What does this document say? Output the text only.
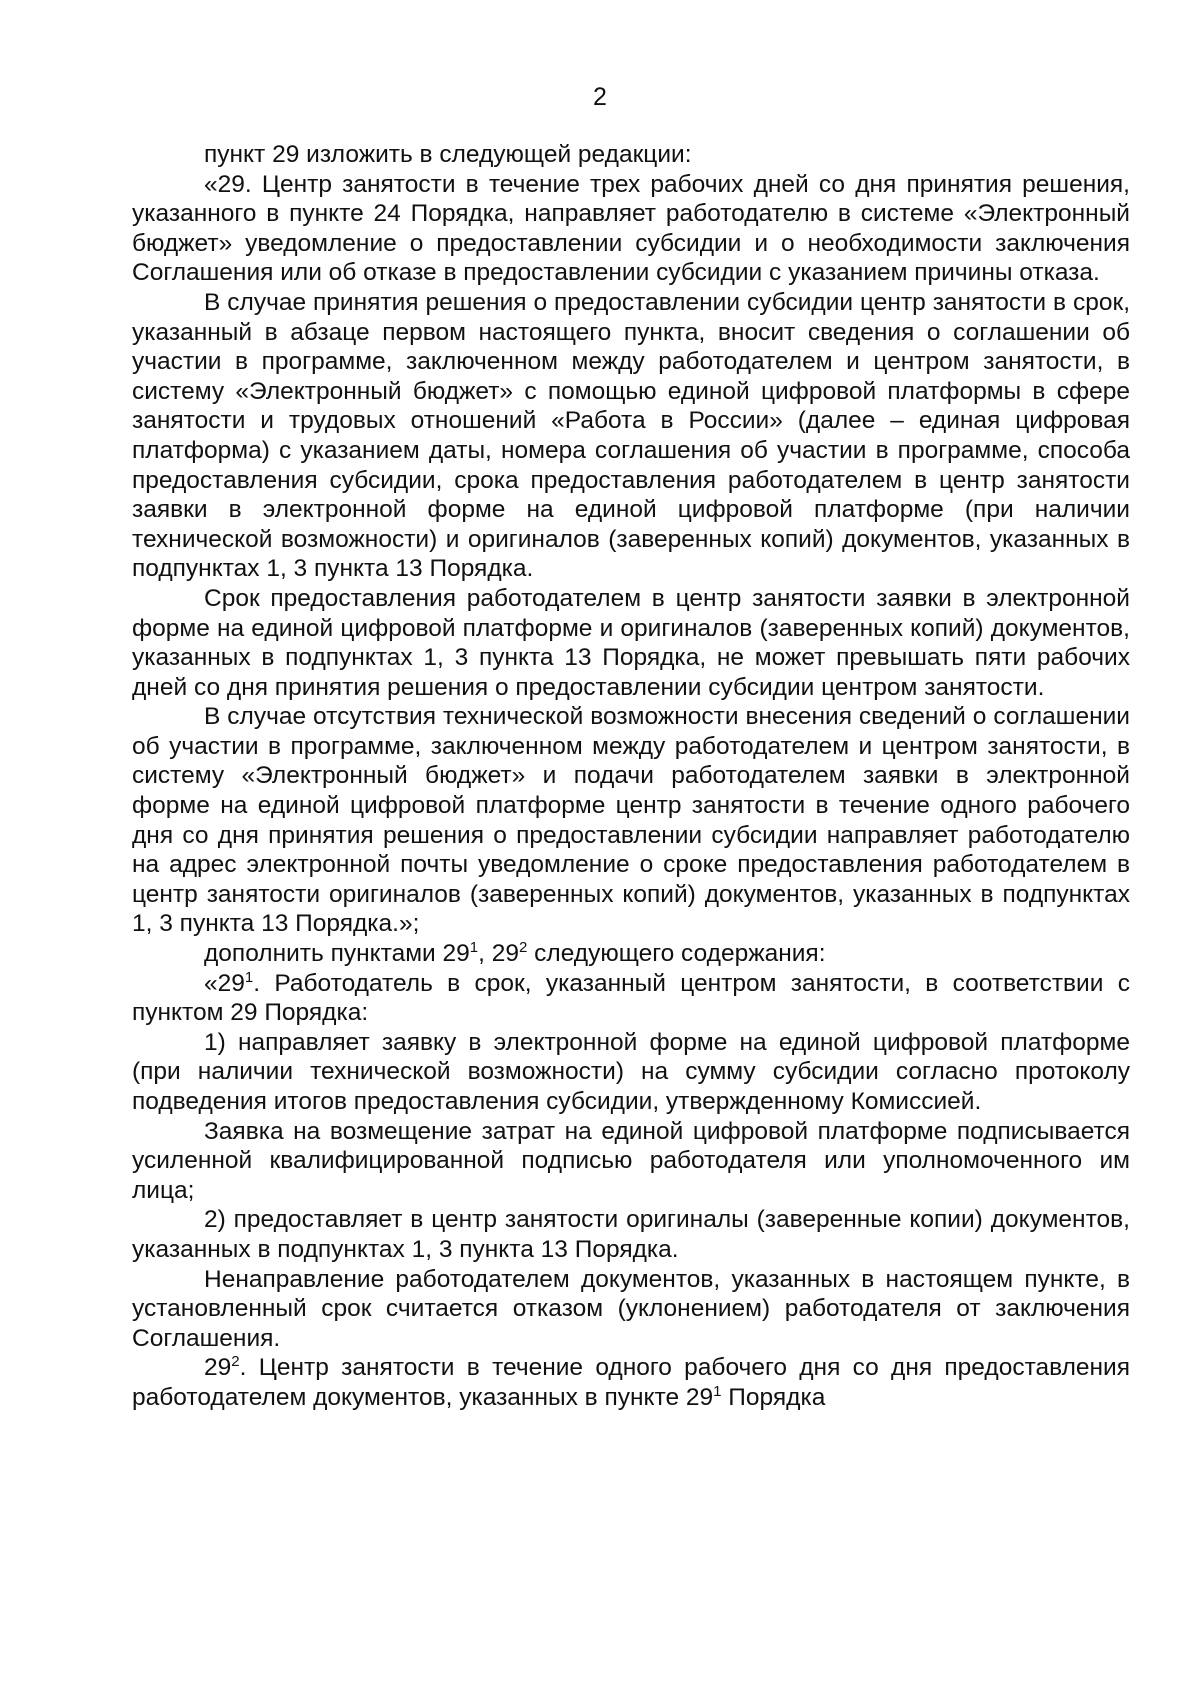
2

пункт 29 изложить в следующей редакции:

«29. Центр занятости в течение трех рабочих дней со дня принятия решения, указанного в пункте 24 Порядка, направляет работодателю в системе «Электронный бюджет» уведомление о предоставлении субсидии и о необходимости заключения Соглашения или об отказе в предоставлении субсидии с указанием причины отказа.

В случае принятия решения о предоставлении субсидии центр занятости в срок, указанный в абзаце первом настоящего пункта, вносит сведения о соглашении об участии в программе, заключенном между работодателем и центром занятости, в систему «Электронный бюджет» с помощью единой цифровой платформы в сфере занятости и трудовых отношений «Работа в России» (далее – единая цифровая платформа) с указанием даты, номера соглашения об участии в программе, способа предоставления субсидии, срока предоставления работодателем в центр занятости заявки в электронной форме на единой цифровой платформе (при наличии технической возможности) и оригиналов (заверенных копий) документов, указанных в подпунктах 1, 3 пункта 13 Порядка.

Срок предоставления работодателем в центр занятости заявки в электронной форме на единой цифровой платформе и оригиналов (заверенных копий) документов, указанных в подпунктах 1, 3 пункта 13 Порядка, не может превышать пяти рабочих дней со дня принятия решения о предоставлении субсидии центром занятости.

В случае отсутствия технической возможности внесения сведений о соглашении об участии в программе, заключенном между работодателем и центром занятости, в систему «Электронный бюджет» и подачи работодателем заявки в электронной форме на единой цифровой платформе центр занятости в течение одного рабочего дня со дня принятия решения о предоставлении субсидии направляет работодателю на адрес электронной почты уведомление о сроке предоставления работодателем в центр занятости оригиналов (заверенных копий) документов, указанных в подпунктах 1, 3 пункта 13 Порядка.»;

дополнить пунктами $29^1$, $29^2$ следующего содержания:

«$29^1$. Работодатель в срок, указанный центром занятости, в соответствии с пунктом 29 Порядка:

1) направляет заявку в электронной форме на единой цифровой платформе (при наличии технической возможности) на сумму субсидии согласно протоколу подведения итогов предоставления субсидии, утвержденному Комиссией.

Заявка на возмещение затрат на единой цифровой платформе подписывается усиленной квалифицированной подписью работодателя или уполномоченного им лица;

2) предоставляет в центр занятости оригиналы (заверенные копии) документов, указанных в подпунктах 1, 3 пункта 13 Порядка.

Ненаправление работодателем документов, указанных в настоящем пункте, в установленный срок считается отказом (уклонением) работодателя от заключения Соглашения.

$29^2$. Центр занятости в течение одного рабочего дня со дня предоставления работодателем документов, указанных в пункте $29^1$ Порядка
